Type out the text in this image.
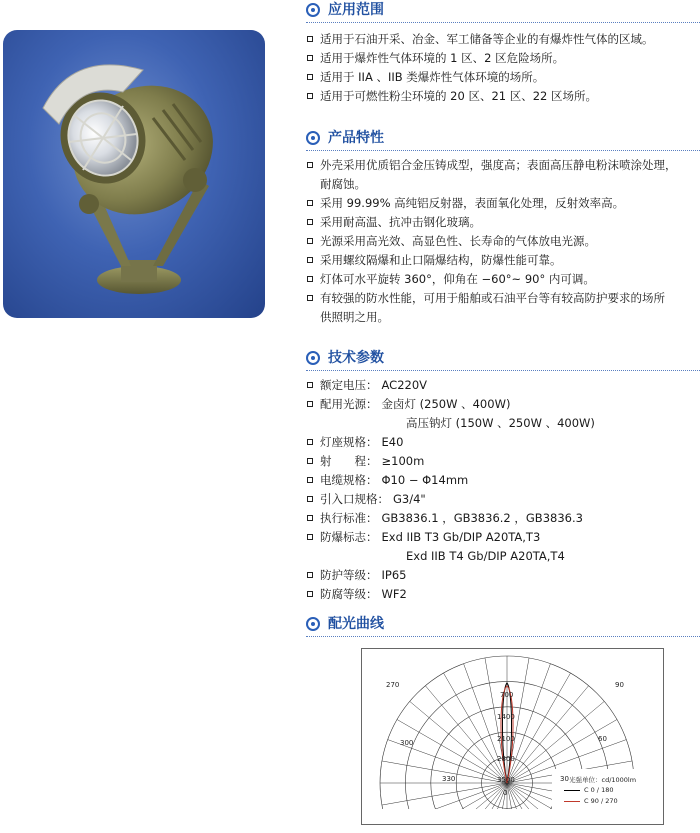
应用范围
适用于石油开采、冶金、军工储备等企业的有爆炸性气体的区域。
适用于爆炸性气体环境的 1 区、2 区危险场所。
适用于 IIA 、IIB 类爆炸性气体环境的场所。
适用于可燃性粉尘环境的 20 区、21 区、22 区场所。
产品特性
外壳采用优质铝合金压铸成型，强度高；表面高压静电粉沫喷涂处理，
耐腐蚀。
采用 99.99% 高纯铝反射器，表面氧化处理，反射效率高。
采用耐高温、抗冲击钢化玻璃。
光源采用高光效、高显色性、长寿命的气体放电光源。
采用螺纹隔爆和止口隔爆结构，防爆性能可靠。
灯体可水平旋转 360°，仰角在 −60°~ 90° 内可调。
有较强的防水性能，可用于船舶或石油平台等有较高防护要求的场所
供照明之用。
技术参数
额定电压： AC220V
配用光源： 金卤灯 (250W 、400W)
高压钠灯 (150W 、250W 、400W)
灯座规格： E40
射　　程： ≥100m
电缆规格： Φ10 − Φ14mm
引入口规格： G3/4"
执行标准： GB3836.1 ，GB3836.2 ，GB3836.3
防爆标志： Exd IIB T3 Gb/DIP A20TA,T3
Exd IIB T4 Gb/DIP A20TA,T4
防护等级： IP65
防腐等级： WF2
配光曲线
270	90
300	60
330	30
0
700
1400
2100
2800
3500	光强单位：cd/1000lm
C 0 / 180
C 90 / 270
